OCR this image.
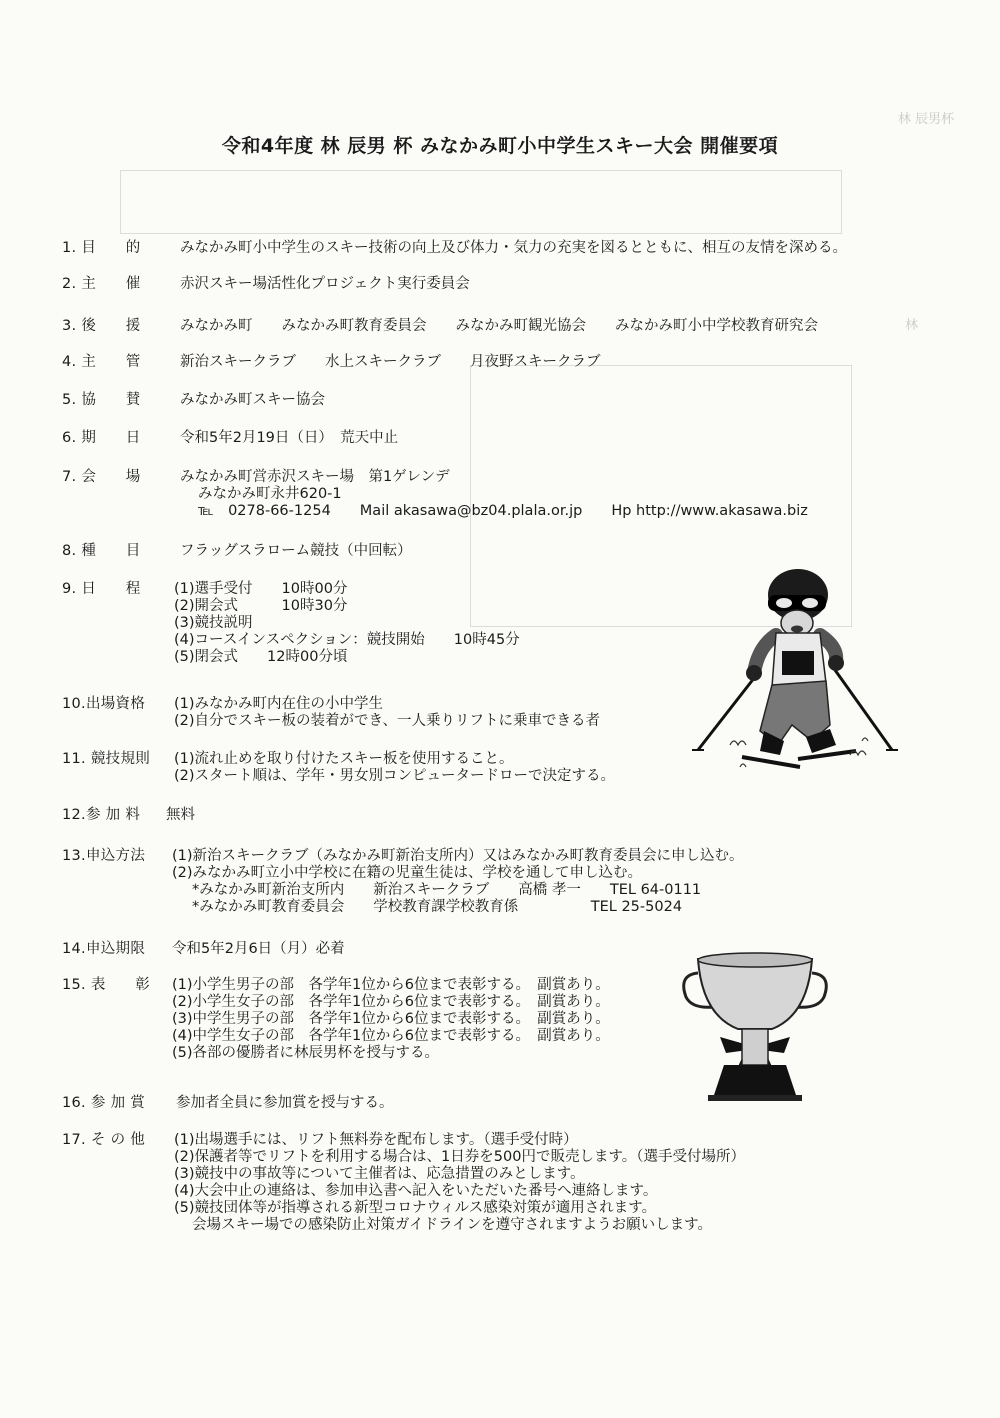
林 辰男杯
林
令和4年度 林 辰男 杯 みなかみ町小中学生スキー大会 開催要項
1. 目　　的	みなかみ町小中学生のスキー技術の向上及び体力・気力の充実を図るとともに、相互の友情を深める。
2. 主　　催	赤沢スキー場活性化プロジェクト実行委員会
3. 後　　援	みなかみ町　　みなかみ町教育委員会　　みなかみ町観光協会　　みなかみ町小中学校教育研究会
4. 主　　管	新治スキークラブ　　水上スキークラブ　　月夜野スキークラブ
5. 協　　賛	みなかみ町スキー協会
6. 期　　日	令和5年2月19日（日）　荒天中止
7. 会　　場	みなかみ町営赤沢スキー場　第1ゲレンデ
みなかみ町永井620-1
℡　0278-66-1254　　Mail akasawa@bz04.plala.or.jp　　Hp http://www.akasawa.biz
8. 種　　目	フラッグスラローム競技（中回転）
9. 日　　程 (1)選手受付　　10時00分
(2)開会式　　　10時30分
(3)競技説明
(4)コースインスペクション：競技開始　　10時45分
(5)閉会式　　12時00分頃
10.出場資格 (1)みなかみ町内在住の小中学生
(2)自分でスキー板の装着ができ、一人乗りリフトに乗車できる者
11. 競技規則 (1)流れ止めを取り付けたスキー板を使用すること。
(2)スタート順は、学年・男女別コンピュータードローで決定する。
12.参 加 料 無料
13.申込方法 (1)新治スキークラブ（みなかみ町新治支所内）又はみなかみ町教育委員会に申し込む。
(2)みなかみ町立小中学校に在籍の児童生徒は、学校を通して申し込む。
*みなかみ町新治支所内　　新治スキークラブ　　高橋 孝一　　TEL 64-0111
*みなかみ町教育委員会　　学校教育課学校教育係　　　　　TEL 25-5024
14.申込期限 令和5年2月6日（月）必着
15. 表　　彰 (1)小学生男子の部　各学年1位から6位まで表彰する。　副賞あり。
(2)小学生女子の部　各学年1位から6位まで表彰する。　副賞あり。
(3)中学生男子の部　各学年1位から6位まで表彰する。　副賞あり。
(4)中学生女子の部　各学年1位から6位まで表彰する。　副賞あり。
(5)各部の優勝者に林辰男杯を授与する。
16. 参 加 賞 参加者全員に参加賞を授与する。
17. そ の 他 (1)出場選手には、リフト無料券を配布します。（選手受付時）
(2)保護者等でリフトを利用する場合は、1日券を500円で販売します。（選手受付場所）
(3)競技中の事故等について主催者は、応急措置のみとします。
(4)大会中止の連絡は、参加申込書へ記入をいただいた番号へ連絡します。
(5)競技団体等が指導される新型コロナウィルス感染対策が適用されます。
会場スキー場での感染防止対策ガイドラインを遵守されますようお願いします。
